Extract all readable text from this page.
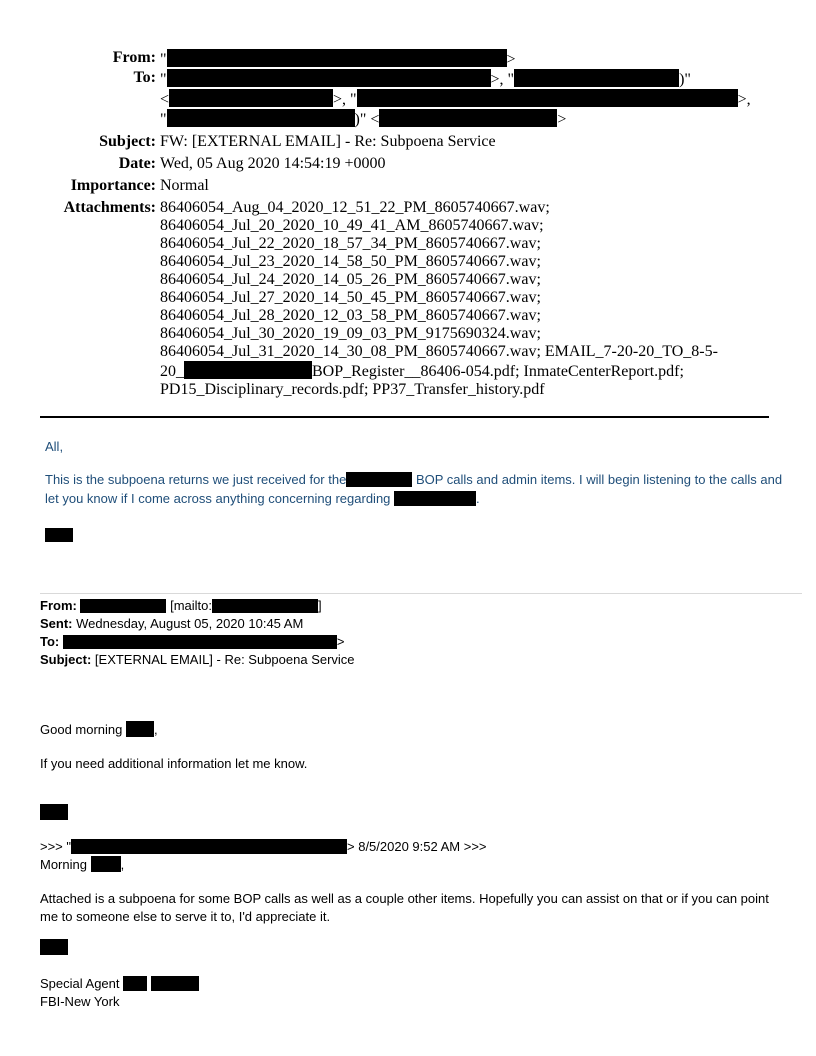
From: "	>
To: "	>, "	)"
<	>, "	>,
"	)" <	>
Subject: FW: [EXTERNAL EMAIL] - Re: Subpoena Service
Date: Wed, 05 Aug 2020 14:54:19 +0000
Importance: Normal
Attachments: 86406054_Aug_04_2020_12_51_22_PM_8605740667.wav;
86406054_Jul_20_2020_10_49_41_AM_8605740667.wav;
86406054_Jul_22_2020_18_57_34_PM_8605740667.wav;
86406054_Jul_23_2020_14_58_50_PM_8605740667.wav;
86406054_Jul_24_2020_14_05_26_PM_8605740667.wav;
86406054_Jul_27_2020_14_50_45_PM_8605740667.wav;
86406054_Jul_28_2020_12_03_58_PM_8605740667.wav;
86406054_Jul_30_2020_19_09_03_PM_9175690324.wav;
86406054_Jul_31_2020_14_30_08_PM_8605740667.wav; EMAIL_7-20-20_TO_8-5-
20_	BOP_Register__86406-054.pdf; InmateCenterReport.pdf;
PD15_Disciplinary_records.pdf; PP37_Transfer_history.pdf

All,

This is the subpoena returns we just received for the	BOP calls and admin items. I will begin listening to the calls and let you know if I come across anything concerning regarding	.

From:	[mailto:	]
Sent: Wednesday, August 05, 2020 10:45 AM
To:	>
Subject: [EXTERNAL EMAIL] - Re: Subpoena Service
Good morning ,
If you need additional information let me know.
>>> "	> 8/5/2020 9:52 AM >>>
Morning ,
Attached is a subpoena for some BOP calls as well as a couple other items. Hopefully you can assist on that or if you can point me to someone else to serve it to, I'd appreciate it.
Special Agent
FBI-New York
